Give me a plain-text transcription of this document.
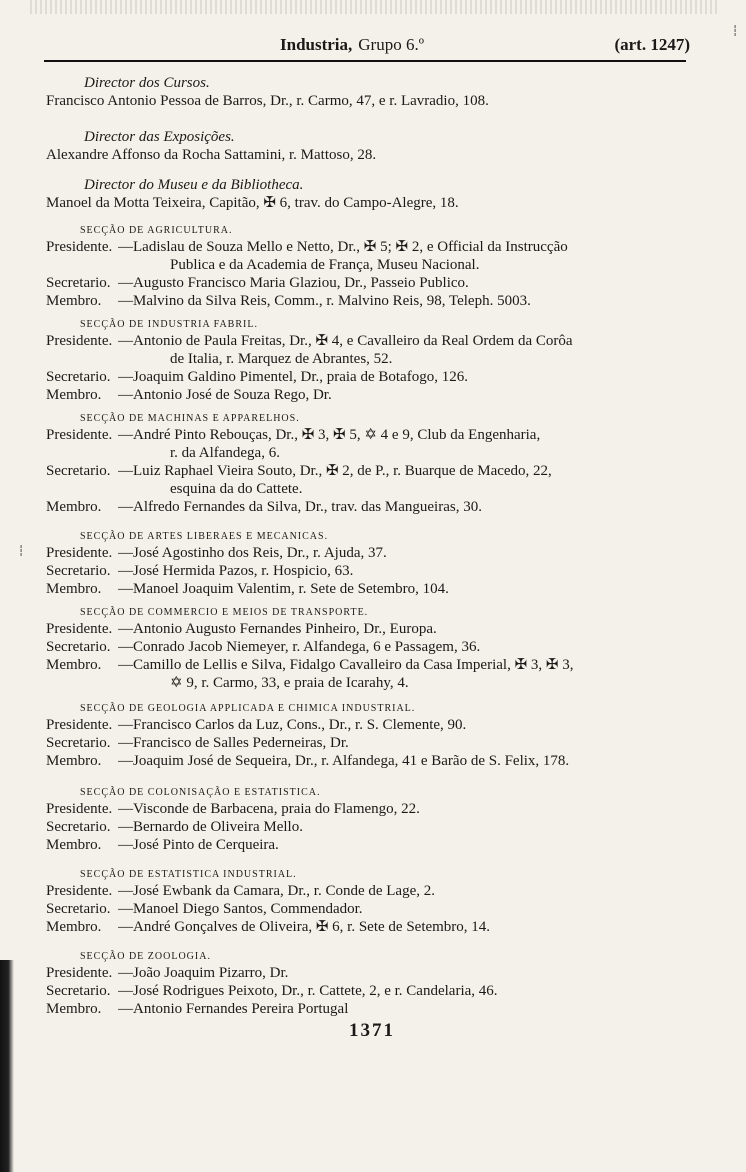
Industria, Grupo 6.º	(art. 1247)
Director dos Cursos.
Francisco Antonio Pessoa de Barros, Dr., r. Carmo, 47, e r. Lavradio, 108.
Director das Exposições.
Alexandre Affonso da Rocha Sattamini, r. Mattoso, 28.
Director do Museu e da Bibliotheca.
Manoel da Motta Teixeira, Capitão, ✠ 6, trav. do Campo-Alegre, 18.
SECÇÃO DE AGRICULTURA.
Presidente. —Ladislau de Souza Mello e Netto, Dr., ✠ 5; ✠ 2, e Official da Instrucção
Publica e da Academia de França, Museu Nacional.
Secretario. —Augusto Francisco Maria Glaziou, Dr., Passeio Publico.
Membro.	—Malvino da Silva Reis, Comm., r. Malvino Reis, 98, Teleph. 5003.
SECÇÃO DE INDUSTRIA FABRIL.
Presidente. —Antonio de Paula Freitas, Dr., ✠ 4, e Cavalleiro da Real Ordem da Corôa
de Italia, r. Marquez de Abrantes, 52.
Secretario. —Joaquim Galdino Pimentel, Dr., praia de Botafogo, 126.
Membro.	—Antonio José de Souza Rego, Dr.
SECÇÃO DE MACHINAS E APPARELHOS.
Presidente. —André Pinto Rebouças, Dr., ✠ 3, ✠ 5, ✡ 4 e 9, Club da Engenharia,
r. da Alfandega, 6.
Secretario. —Luiz Raphael Vieira Souto, Dr., ✠ 2, de P., r. Buarque de Macedo, 22,
esquina da do Cattete.
Membro.	—Alfredo Fernandes da Silva, Dr., trav. das Mangueiras, 30.
SECÇÃO DE ARTES LIBERAES E MECANICAS.
Presidente. —José Agostinho dos Reis, Dr., r. Ajuda, 37.
Secretario. —José Hermida Pazos, r. Hospicio, 63.
Membro.	—Manoel Joaquim Valentim, r. Sete de Setembro, 104.
SECÇÃO DE COMMERCIO E MEIOS DE TRANSPORTE.
Presidente. —Antonio Augusto Fernandes Pinheiro, Dr., Europa.
Secretario. —Conrado Jacob Niemeyer, r. Alfandega, 6 e Passagem, 36.
Membro.	—Camillo de Lellis e Silva, Fidalgo Cavalleiro da Casa Imperial, ✠ 3, ✠ 3,
✡ 9, r. Carmo, 33, e praia de Icarahy, 4.
SECÇÃO DE GEOLOGIA APPLICADA E CHIMICA INDUSTRIAL.
Presidente. —Francisco Carlos da Luz, Cons., Dr., r. S. Clemente, 90.
Secretario. —Francisco de Salles Pederneiras, Dr.
Membro.	—Joaquim José de Sequeira, Dr., r. Alfandega, 41 e Barão de S. Felix, 178.
SECÇÃO DE COLONISAÇÃO E ESTATISTICA.
Presidente. —Visconde de Barbacena, praia do Flamengo, 22.
Secretario. —Bernardo de Oliveira Mello.
Membro.	—José Pinto de Cerqueira.
SECÇÃO DE ESTATISTICA INDUSTRIAL.
Presidente. —José Ewbank da Camara, Dr., r. Conde de Lage, 2.
Secretario. —Manoel Diego Santos, Commendador.
Membro.	—André Gonçalves de Oliveira, ✠ 6, r. Sete de Setembro, 14.
SECÇÃO DE ZOOLOGIA.
Presidente. —João Joaquim Pizarro, Dr.
Secretario. —José Rodrigues Peixoto, Dr., r. Cattete, 2, e r. Candelaria, 46.
Membro.	—Antonio Fernandes Pereira Portugal
1371
┆
┆
